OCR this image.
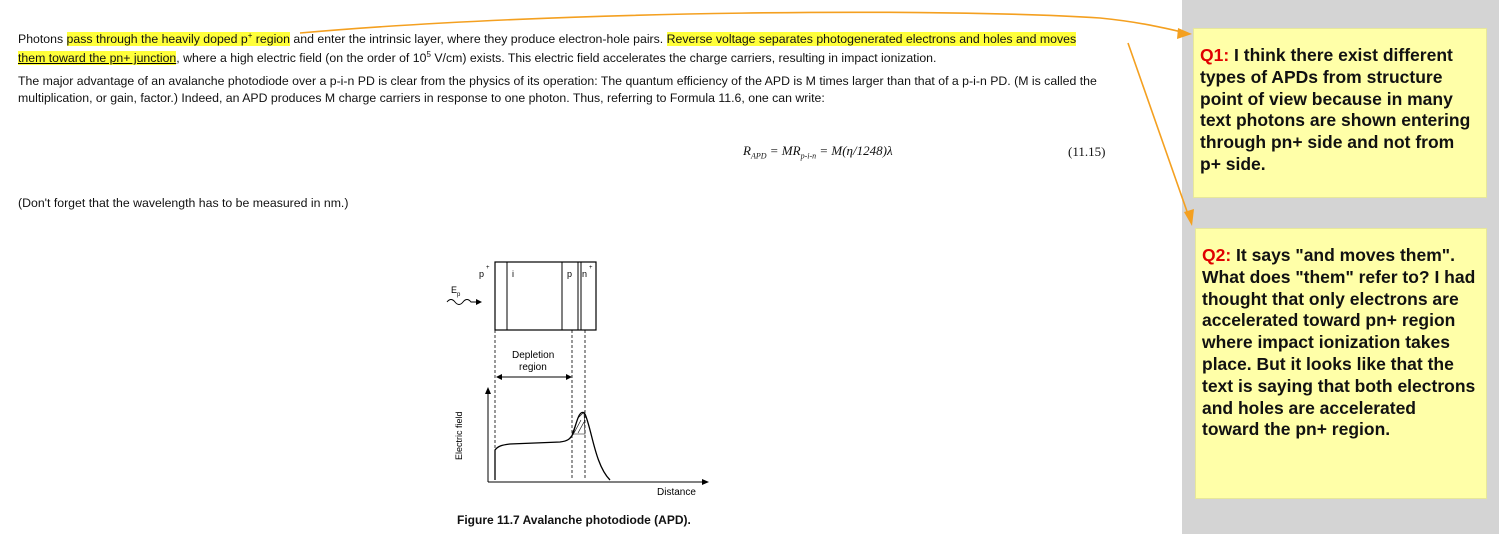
Photons pass through the heavily doped p+ region and enter the intrinsic layer, where they produce electron-hole pairs. Reverse voltage separates photogenerated electrons and holes and moves
them toward the pn+ junction, where a high electric field (on the order of $10^5$ V/cm) exists. This electric field accelerates the charge carriers, resulting in impact ionization.
The major advantage of an avalanche photodiode over a p-i-n PD is clear from the physics of its operation: The quantum efficiency of the APD is M times larger than that of a p-i-n PD. (M is called the multiplication, or gain, factor.) Indeed, an APD produces M charge carriers in response to one photon. Thus, referring to Formula 11.6, one can write:
$R_{APD} = MR_{p-i-n} = M(\eta/1248)\lambda$	(11.15)
(Don't forget that the wavelength has to be measured in nm.)
p
+
i	p n
+
E p
Depletion
region
Electric field
Distance
Figure 11.7 Avalanche photodiode (APD).
Q1: I think there exist different types of APDs from structure point of view because in many text photons are shown entering through pn+ side and not from p+ side.
Q2: It says "and moves them". What does "them" refer to? I had thought that only electrons are accelerated toward pn+ region where impact ionization takes place. But it looks like that the text is saying that both electrons and holes are accelerated toward the pn+ region.
